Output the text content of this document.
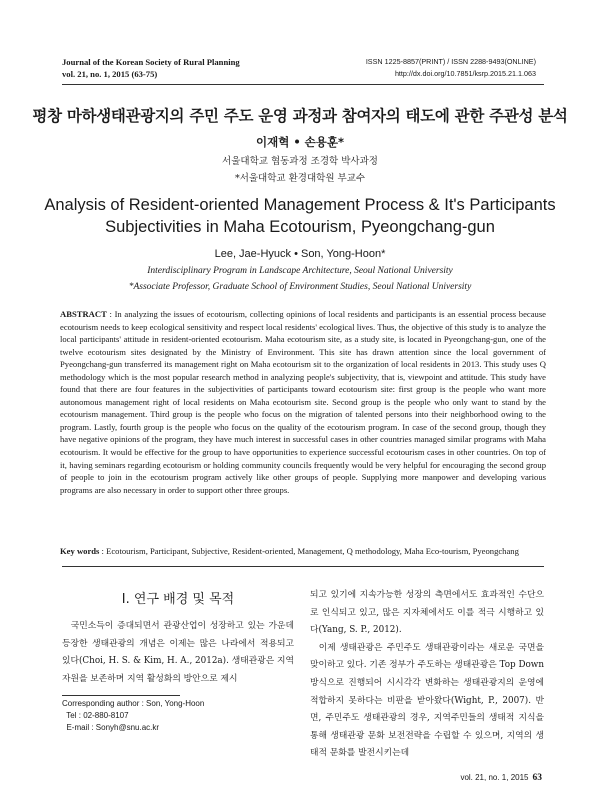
Journal of the Korean Society of Rural Planning
vol. 21, no. 1, 2015 (63-75)
ISSN 1225-8857(PRINT) / ISSN 2288-9493(ONLINE)
http://dx.doi.org/10.7851/ksrp.2015.21.1.063
평창 마하생태관광지의 주민 주도 운영 과정과 참여자의 태도에 관한 주관성 분석
이재혁 • 손용훈*
서울대학교 협동과정 조경학 박사과정
*서울대학교 환경대학원 부교수
Analysis of Resident-oriented Management Process & It's Participants
Subjectivities in Maha Ecotourism, Pyeongchang-gun
Lee, Jae-Hyuck • Son, Yong-Hoon*
Interdisciplinary Program in Landscape Architecture, Seoul National University
*Associate Professor, Graduate School of Environment Studies, Seoul National University
ABSTRACT : In analyzing the issues of ecotourism, collecting opinions of local residents and participants is an essential process because ecotourism needs to keep ecological sensitivity and respect local residents' ecological lives. Thus, the objective of this study is to analyze the local participants' attitude in resident-oriented ecotourism. Maha ecotourism site, as a study site, is located in Pyeongchang-gun, one of the twelve ecotourism sites designated by the Ministry of Environment. This site has drawn attention since the local government of Pyeongchang-gun transferred its management right on Maha ecotourism sit to the organization of local residents in 2013. This study uses Q methodology which is the most popular research method in analyzing people's subjectivity, that is, viewpoint and attitude. This study have found that there are four features in the subjectivities of participants toward ecotourism site: first group is the people who want more autonomous management right of local residents on Maha ecotourism site. Second group is the people who only want to stand by the ecotourism management. Third group is the people who focus on the migration of talented persons into their neighborhood owing to the program. Lastly, fourth group is the people who focus on the quality of the ecotourism program. In case of the second group, though they have negative opinions of the program, they have much interest in successful cases in other countries managed similar programs with Maha ecotourism. It would be effective for the group to have opportunities to experience successful ecotourism cases in other countries. On top of it, having seminars regarding ecotourism or holding community councils frequently would be very helpful for encouraging the second group of people to join in the ecotourism program actively like other groups of people. Supplying more manpower and developing various programs are also necessary in order to support other three groups.
Key words : Ecotourism, Participant, Subjective, Resident-oriented, Management, Q methodology, Maha Eco-tourism, Pyeongchang
Ⅰ. 연구 배경 및 목적

국민소득이 증대되면서 관광산업이 성장하고 있는 가운데 등장한 생태관광의 개념은 이제는 많은 나라에서 적용되고 있다(Choi, H. S. & Kim, H. A., 2012a). 생태관광은 지역자원을 보존하며 지역 활성화의 방안으로 제시

되고 있기에 지속가능한 성장의 측면에서도 효과적인 수단으로 인식되고 있고, 많은 지자체에서도 이를 적극 시행하고 있다(Yang, S. P., 2012).

이제 생태관광은 주민주도 생태관광이라는 새로운 국면을 맞이하고 있다. 기존 정부가 주도하는 생태관광은 Top Down 방식으로 진행되어 시시각각 변화하는 생태관광지의 운영에 적합하지 못하다는 비판을 받아왔다(Wight, P., 2007). 반면, 주민주도 생태관광의 경우, 지역주민들의 생태적 지식을 통해 생태관광 문화 보전전략을 수립할 수 있으며, 지역의 생태적 문화를 발전시키는데

Corresponding author : Son, Yong-Hoon
Tel : 02-880-8107
E-mail : Sonyh@snu.ac.kr
vol. 21, no. 1, 2015 63
